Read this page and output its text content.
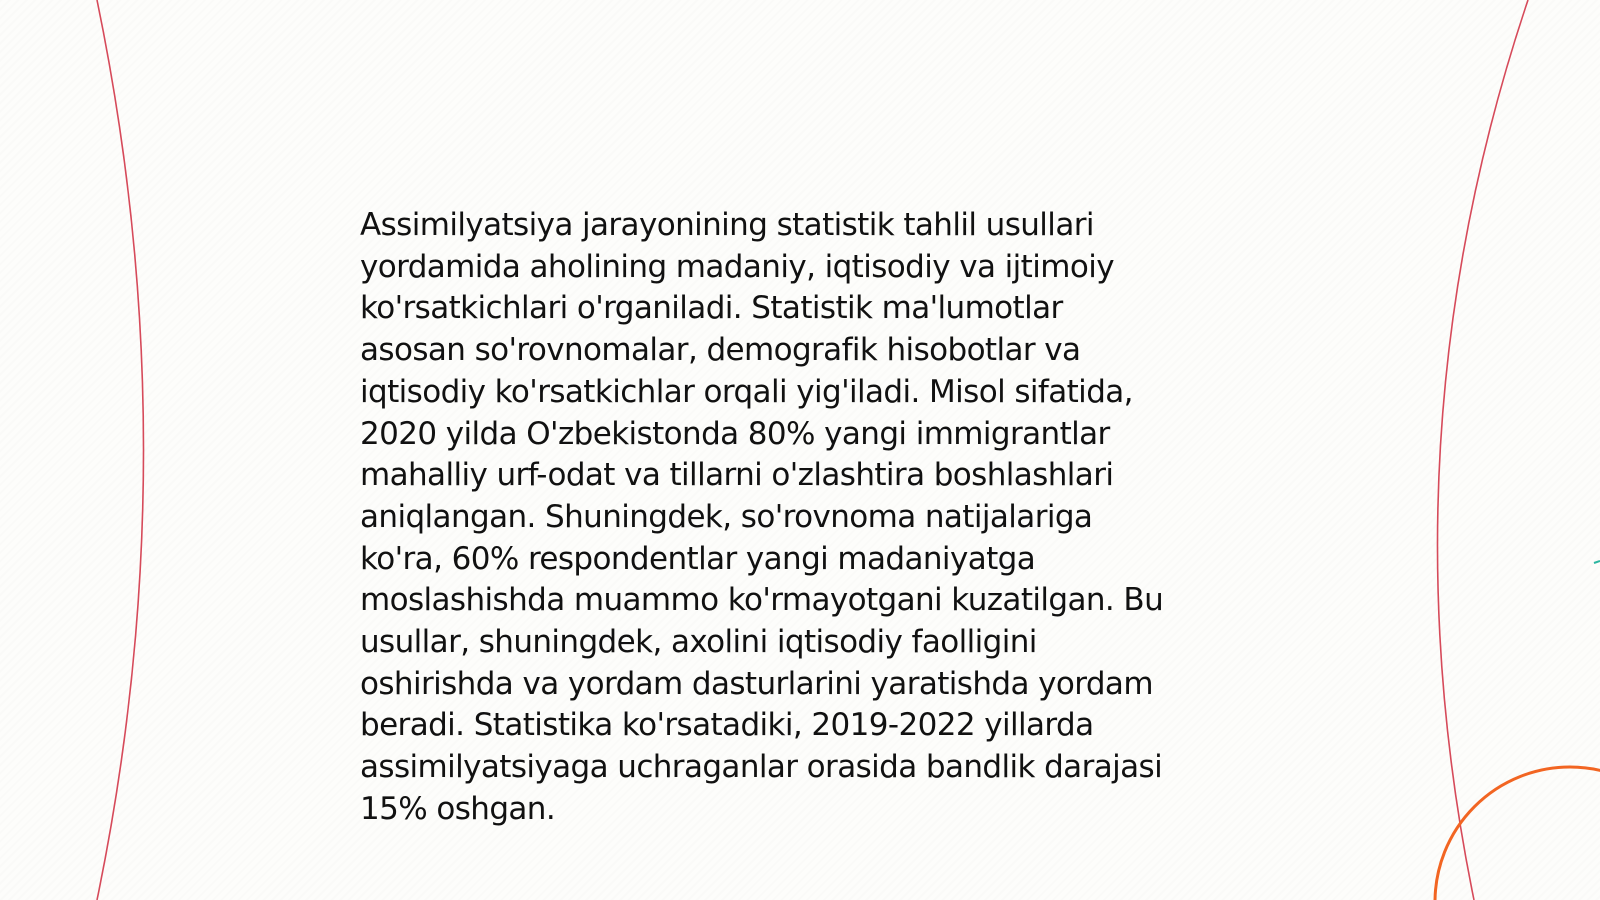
Assimilyatsiya jarayonining statistik tahlil usullari
yordamida aholining madaniy, iqtisodiy va ijtimoiy
ko'rsatkichlari o'rganiladi. Statistik ma'lumotlar
asosan so'rovnomalar, demografik hisobotlar va
iqtisodiy ko'rsatkichlar orqali yig'iladi. Misol sifatida,
2020 yilda O'zbekistonda 80% yangi immigrantlar
mahalliy urf-odat va tillarni o'zlashtira boshlashlari
aniqlangan. Shuningdek, so'rovnoma natijalariga
ko'ra, 60% respondentlar yangi madaniyatga
moslashishda muammo ko'rmayotgani kuzatilgan. Bu
usullar, shuningdek, axolini iqtisodiy faolligini
oshirishda va yordam dasturlarini yaratishda yordam
beradi. Statistika ko'rsatadiki, 2019-2022 yillarda
assimilyatsiyaga uchraganlar orasida bandlik darajasi
15% oshgan.
